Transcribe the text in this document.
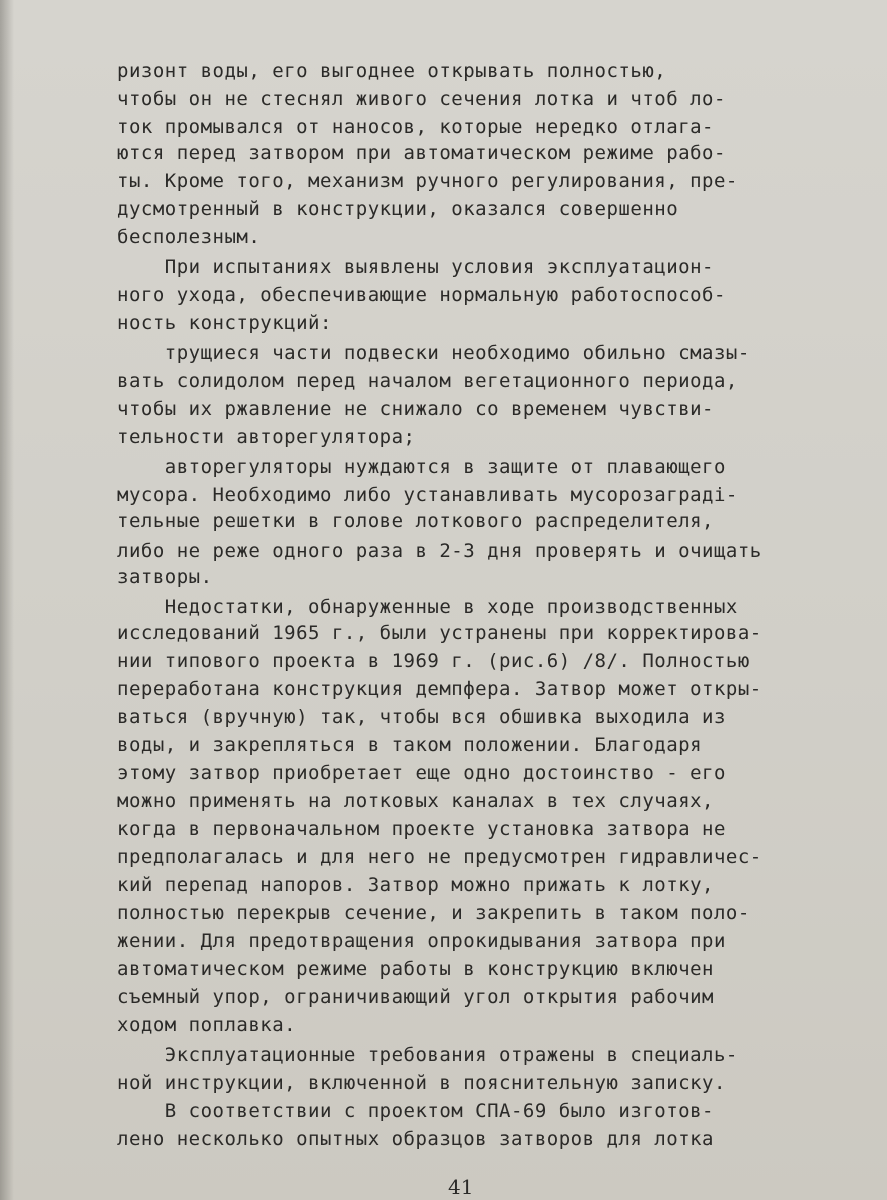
ризонт воды, его выгоднее открывать полностью,
чтобы он не стеснял живого сечения лотка и чтоб ло-
ток промывался от наносов, которые нередко отлага-
ются перед затвором при автоматическом режиме рабо-
ты. Кроме того, механизм ручного регулирования, пре-
дусмотренный в конструкции, оказался совершенно
бесполезным.
При испытаниях выявлены условия эксплуатацион-
ного ухода, обеспечивающие нормальную работоспособ-
ность конструкций:
трущиеся части подвески необходимо обильно смазы-
вать солидолом перед началом вегетационного периода,
чтобы их ржавление не снижало со временем чувстви-
тельности авторегулятора;
авторегуляторы нуждаются в защите от плавающего
мусора. Необходимо либо устанавливать мусорозаградi-
тельные решетки в голове лоткового распределителя,
либо не реже одного раза в 2-3 дня проверять и очищать
затворы.
Недостатки, обнаруженные в ходе производственных
исследований 1965 г., были устранены при корректирова-
нии типового проекта в 1969 г. (рис.6) /8/. Полностью
переработана конструкция демпфера. Затвор может откры-
ваться (вручную) так, чтобы вся обшивка выходила из
воды, и закрепляться в таком положении. Благодаря
этому затвор приобретает еще одно достоинство - его
можно применять на лотковых каналах в тех случаях,
когда в первоначальном проекте установка затвора не
предполагалась и для него не предусмотрен гидравличес-
кий перепад напоров. Затвор можно прижать к лотку,
полностью перекрыв сечение, и закрепить в таком поло-
жении. Для предотвращения опрокидывания затвора при
автоматическом режиме работы в конструкцию включен
съемный упор, ограничивающий угол открытия рабочим
ходом поплавка.
Эксплуатационные требования отражены в специаль-
ной инструкции, включенной в пояснительную записку.
В соответствии с проектом СПА-69 было изготов-
лено несколько опытных образцов затворов для лотка
41
